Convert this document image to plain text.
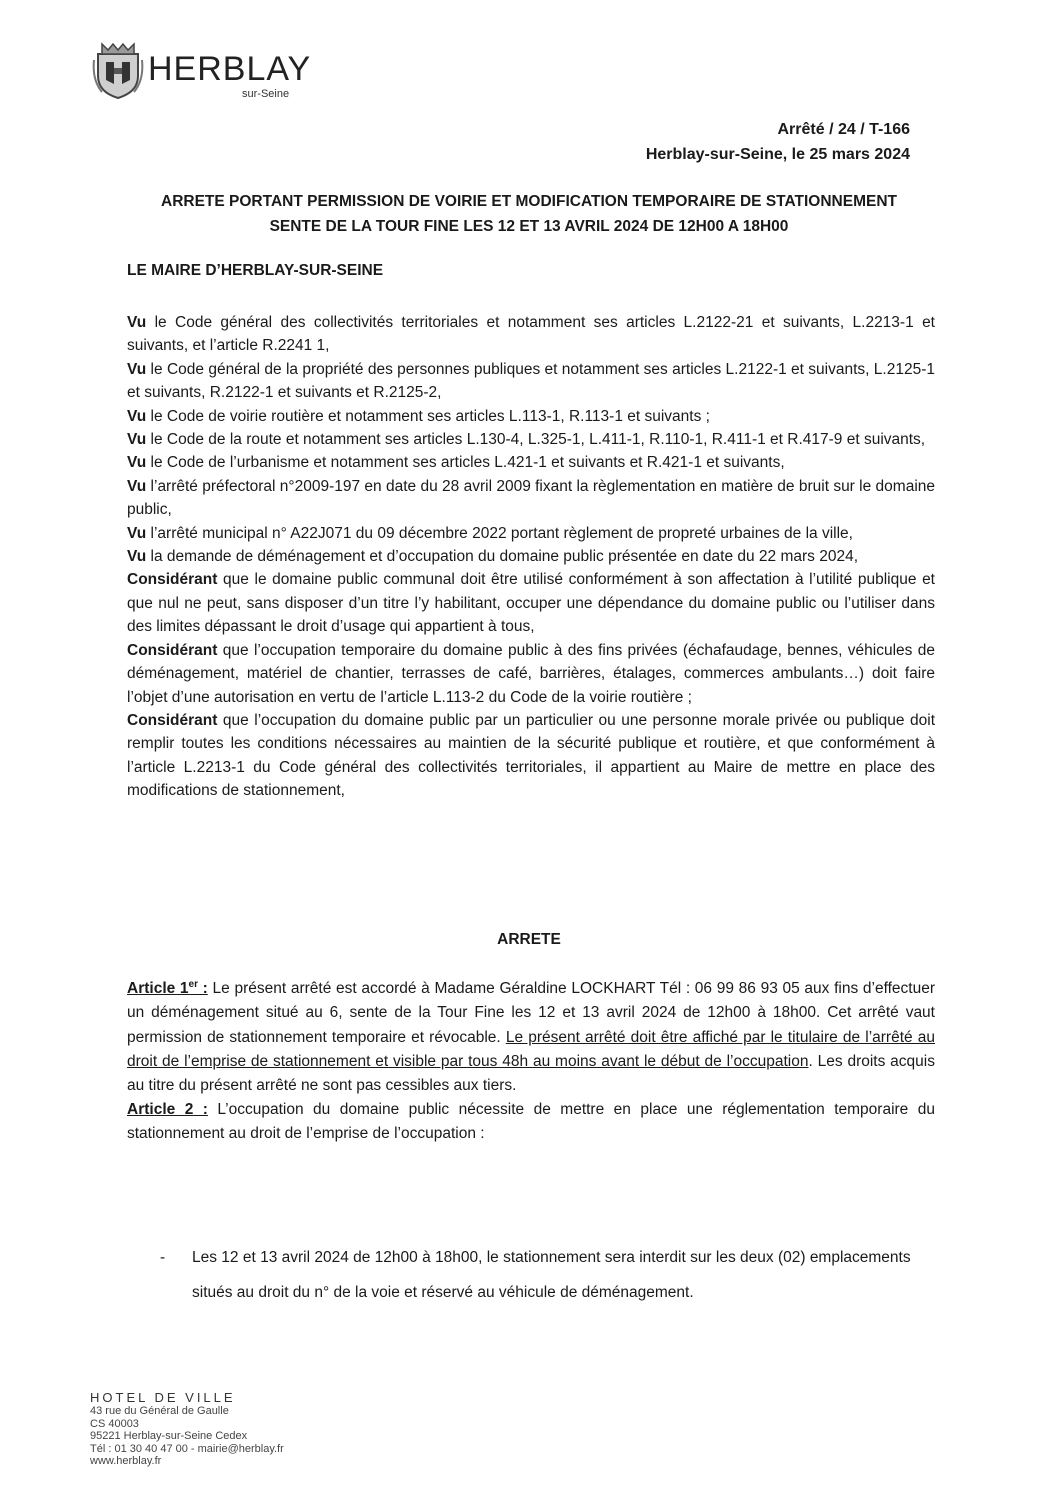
HERBLAY
sur-Seine
Arrêté / 24 / T-166
Herblay-sur-Seine, le 25 mars 2024
ARRETE PORTANT PERMISSION DE VOIRIE ET MODIFICATION TEMPORAIRE DE STATIONNEMENT
SENTE DE LA TOUR FINE LES 12 ET 13 AVRIL 2024 DE 12H00 A 18H00
LE MAIRE D’HERBLAY-SUR-SEINE

Vu le Code général des collectivités territoriales et notamment ses articles L.2122-21 et suivants, L.2213-1 et suivants, et l’article R.2241 1,

Vu le Code général de la propriété des personnes publiques et notamment ses articles L.2122-1 et suivants, L.2125-1 et suivants, R.2122-1 et suivants et R.2125-2,

Vu le Code de voirie routière et notamment ses articles L.113-1, R.113-1 et suivants ;

Vu le Code de la route et notamment ses articles L.130-4, L.325-1, L.411-1, R.110-1, R.411-1 et R.417-9 et suivants,

Vu le Code de l’urbanisme et notamment ses articles L.421-1 et suivants et R.421-1 et suivants,

Vu l’arrêté préfectoral n°2009-197 en date du 28 avril 2009 fixant la règlementation en matière de bruit sur le domaine public,

Vu l’arrêté municipal n° A22J071 du 09 décembre 2022 portant règlement de propreté urbaines de la ville,

Vu la demande de déménagement et d’occupation du domaine public présentée en date du 22 mars 2024,

Considérant que le domaine public communal doit être utilisé conformément à son affectation à l’utilité publique et que nul ne peut, sans disposer d’un titre l’y habilitant, occuper une dépendance du domaine public ou l’utiliser dans des limites dépassant le droit d’usage qui appartient à tous,

Considérant que l’occupation temporaire du domaine public à des fins privées (échafaudage, bennes, véhicules de déménagement, matériel de chantier, terrasses de café, barrières, étalages, commerces ambulants…) doit faire l’objet d’une autorisation en vertu de l’article L.113-2 du Code de la voirie routière ;

Considérant que l’occupation du domaine public par un particulier ou une personne morale privée ou publique doit remplir toutes les conditions nécessaires au maintien de la sécurité publique et routière, et que conformément à l’article L.2213-1 du Code général des collectivités territoriales, il appartient au Maire de mettre en place des modifications de stationnement,

ARRETE

Article 1er : Le présent arrêté est accordé à Madame Géraldine LOCKHART Tél : 06 99 86 93 05 aux fins d’effectuer un déménagement situé au 6, sente de la Tour Fine les 12 et 13 avril 2024 de 12h00 à 18h00. Cet arrêté vaut permission de stationnement temporaire et révocable. Le présent arrêté doit être affiché par le titulaire de l’arrêté au droit de l’emprise de stationnement et visible par tous 48h au moins avant le début de l’occupation. Les droits acquis au titre du présent arrêté ne sont pas cessibles aux tiers.

Article 2 : L’occupation du domaine public nécessite de mettre en place une réglementation temporaire du stationnement au droit de l’emprise de l’occupation :

- Les 12 et 13 avril 2024 de 12h00 à 18h00, le stationnement sera interdit sur les deux (02) emplacements situés au droit du n° de la voie et réservé au véhicule de déménagement.
HOTEL DE VILLE
43 rue du Général de Gaulle
CS 40003
95221 Herblay-sur-Seine Cedex
Tél : 01 30 40 47 00 - mairie@herblay.fr
www.herblay.fr
